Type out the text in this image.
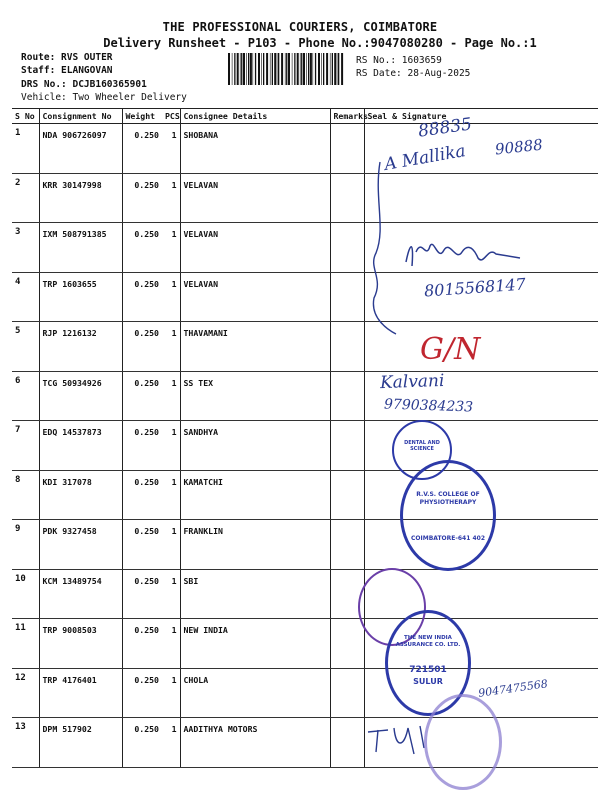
THE PROFESSIONAL COURIERS, COIMBATORE
Delivery Runsheet - P103 - Phone No.:9047080280 - Page No.:1
Route: RVS OUTER
Staff: ELANGOVAN
DRS No.: DCJB160365901
Vehicle: Two Wheeler Delivery
RS No.: 1603659
RS Date: 28-Aug-2025
S No	Consignment No	Weight	PCS	Consignee Details	Remarks	Seal & Signature
1	NDA 906726097	0.250	1	SHOBANA		
2	KRR 30147998	0.250	1	VELAVAN		
3	IXM 508791385	0.250	1	VELAVAN		
4	TRP 1603655	0.250	1	VELAVAN		
5	RJP 1216132	0.250	1	THAVAMANI		
6	TCG 50934926	0.250	1	SS TEX		
7	EDQ 14537873	0.250	1	SANDHYA		
8	KDI 317078	0.250	1	KAMATCHI		
9	PDK 9327458	0.250	1	FRANKLIN		
10	KCM 13489754	0.250	1	SBI		
11	TRP 9008503	0.250	1	NEW INDIA		
12	TRP 4176401	0.250	1	CHOLA		
13	DPM 517902	0.250	1	AADITHYA MOTORS		
88835
A Mallika 90888
8015568147
G/N
Kalvani
9790384233
9047475568
DENTAL AND SCIENCE
R.V.S. COLLEGE OF PHYSIOTHERAPY
COIMBATORE-641 402
THE NEW INDIA ASSURANCE CO. LTD.
721501
SULUR
